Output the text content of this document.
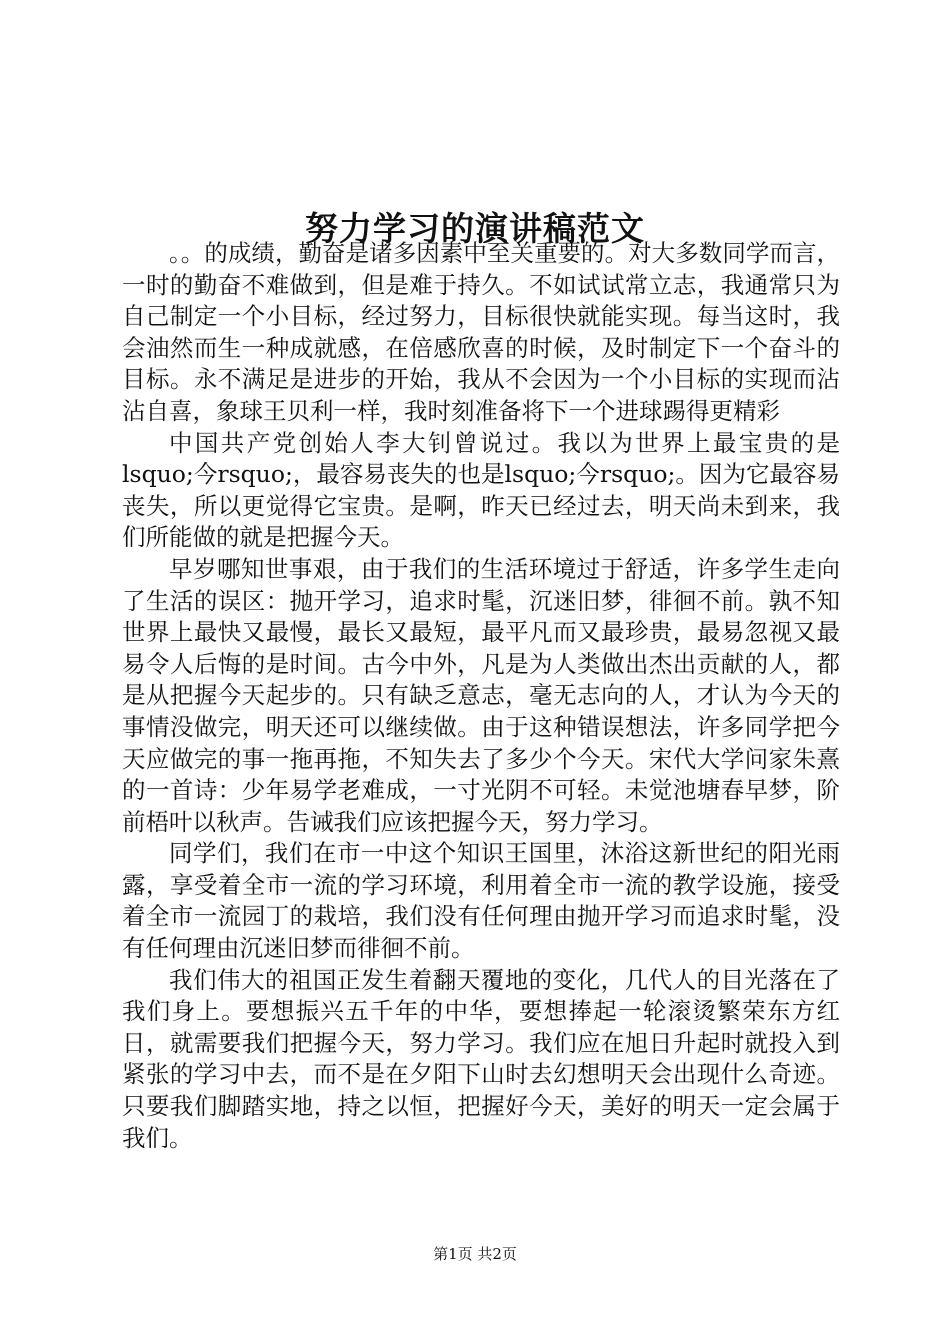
努力学习的演讲稿范文

。。的成绩，勤奋是诸多因素中至关重要的。对大多数同学而言，一时的勤奋不难做到，但是难于持久。不如试试常立志，我通常只为自己制定一个小目标，经过努力，目标很快就能实现。每当这时，我会油然而生一种成就感，在倍感欣喜的时候，及时制定下一个奋斗的目标。永不满足是进步的开始，我从不会因为一个小目标的实现而沾沾自喜，象球王贝利一样，我时刻准备将下一个进球踢得更精彩

中国共产党创始人李大钊曾说过。我以为世界上最宝贵的是lsquo;今rsquo;，最容易丧失的也是lsquo;今rsquo;。因为它最容易丧失，所以更觉得它宝贵。是啊，昨天已经过去，明天尚未到来，我们所能做的就是把握今天。

早岁哪知世事艰，由于我们的生活环境过于舒适，许多学生走向了生活的误区：抛开学习，追求时髦，沉迷旧梦，徘徊不前。孰不知世界上最快又最慢，最长又最短，最平凡而又最珍贵，最易忽视又最易令人后悔的是时间。古今中外，凡是为人类做出杰出贡献的人，都是从把握今天起步的。只有缺乏意志，毫无志向的人，才认为今天的事情没做完，明天还可以继续做。由于这种错误想法，许多同学把今天应做完的事一拖再拖，不知失去了多少个今天。宋代大学问家朱熹的一首诗：少年易学老难成，一寸光阴不可轻。未觉池塘春早梦，阶前梧叶以秋声。告诫我们应该把握今天，努力学习。

同学们，我们在市一中这个知识王国里，沐浴这新世纪的阳光雨露，享受着全市一流的学习环境，利用着全市一流的教学设施，接受着全市一流园丁的栽培，我们没有任何理由抛开学习而追求时髦，没有任何理由沉迷旧梦而徘徊不前。

我们伟大的祖国正发生着翻天覆地的变化，几代人的目光落在了我们身上。要想振兴五千年的中华，要想捧起一轮滚烫繁荣东方红日，就需要我们把握今天，努力学习。我们应在旭日升起时就投入到紧张的学习中去，而不是在夕阳下山时去幻想明天会出现什么奇迹。只要我们脚踏实地，持之以恒，把握好今天，美好的明天一定会属于我们。

第1页 共2页
